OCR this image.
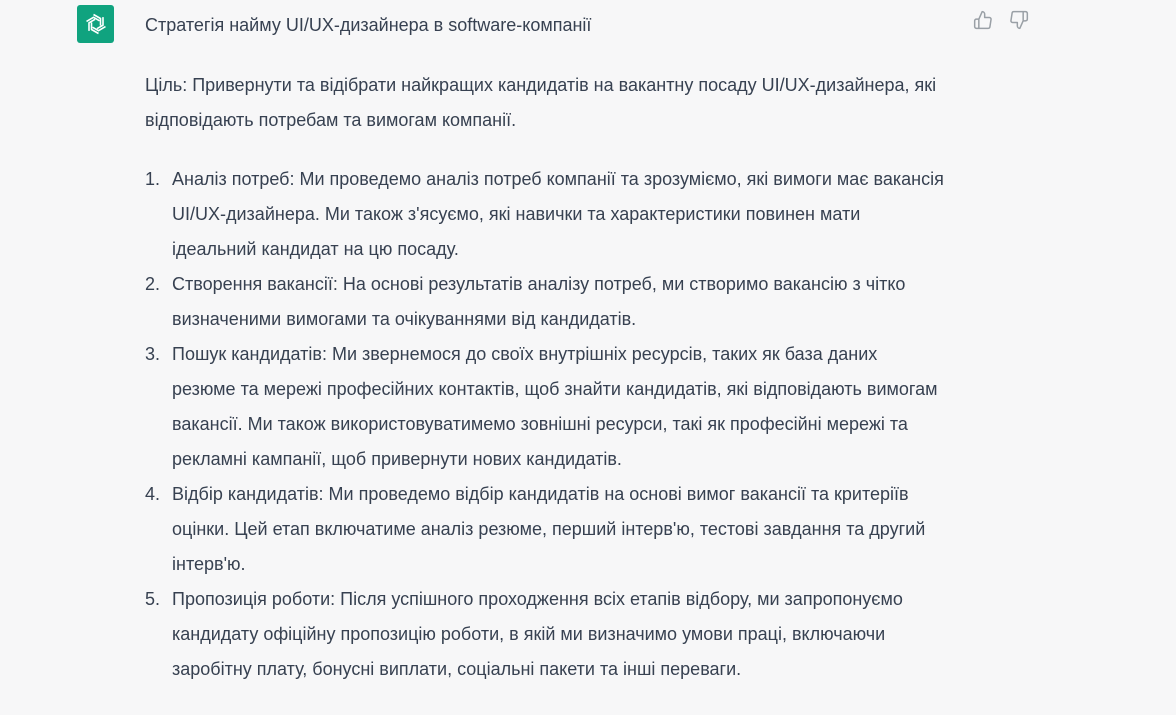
Стратегія найму UI/UX-дизайнера в software-компанії

Ціль: Привернути та відібрати найкращих кандидатів на вакантну посаду UI/UX-дизайнера, які відповідають потребам та вимогам компанії.

1. Аналіз потреб: Ми проведемо аналіз потреб компанії та зрозуміємо, які вимоги має вакансія UI/UX-дизайнера. Ми також з'ясуємо, які навички та характеристики повинен мати ідеальний кандидат на цю посаду.
2. Створення вакансії: На основі результатів аналізу потреб, ми створимо вакансію з чітко визначеними вимогами та очікуваннями від кандидатів.
3. Пошук кандидатів: Ми звернемося до своїх внутрішніх ресурсів, таких як база даних резюме та мережі професійних контактів, щоб знайти кандидатів, які відповідають вимогам вакансії. Ми також використовуватимемо зовнішні ресурси, такі як професійні мережі та рекламні кампанії, щоб привернути нових кандидатів.
4. Відбір кандидатів: Ми проведемо відбір кандидатів на основі вимог вакансії та критеріїв оцінки. Цей етап включатиме аналіз резюме, перший інтерв'ю, тестові завдання та другий інтерв'ю.
5. Пропозиція роботи: Після успішного проходження всіх етапів відбору, ми запропонуємо кандидату офіційну пропозицію роботи, в якій ми визначимо умови праці, включаючи заробітну плату, бонусні виплати, соціальні пакети та інші переваги.
